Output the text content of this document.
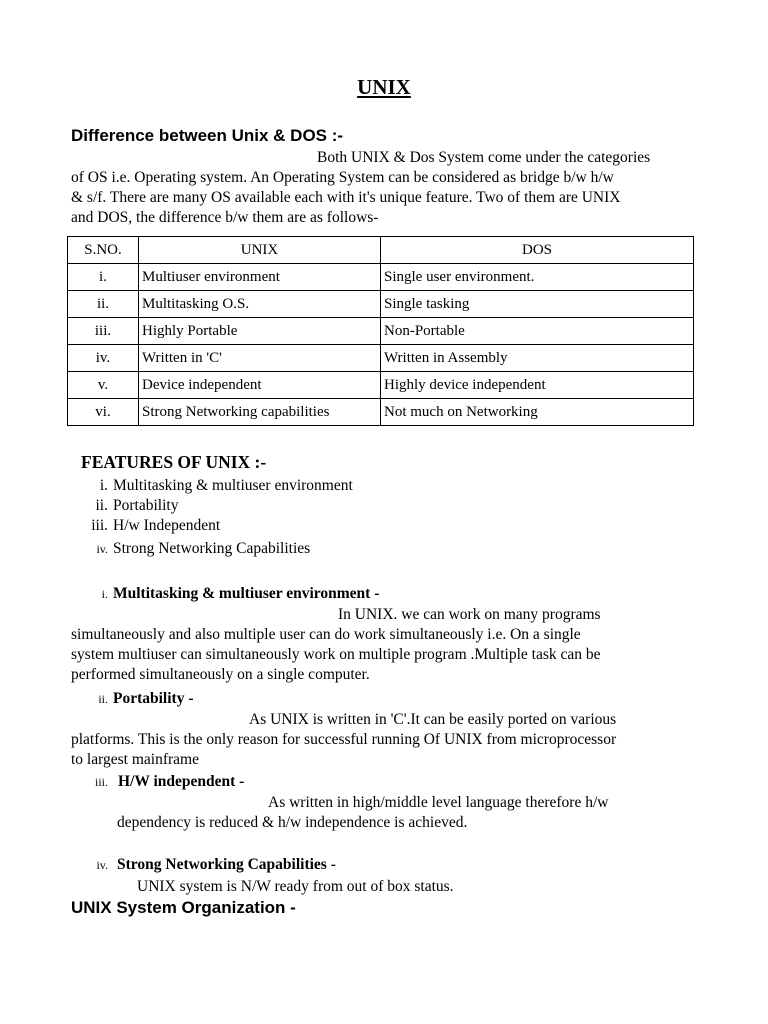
UNIX
Difference between Unix & DOS :-
Both UNIX & Dos System come under the categories
of OS i.e. Operating system. An Operating System can be considered as bridge b/w h/w
& s/f. There are many OS available each with it's unique feature. Two of them are UNIX
and DOS, the difference b/w them are as follows-
S.NO.	UNIX	DOS
i.	Multiuser environment	Single user environment.
ii.	Multitasking O.S.	Single tasking
iii.	Highly Portable	Non-Portable
iv.	Written in 'C'	Written in Assembly
v.	Device independent	Highly device independent
vi.	Strong Networking capabilities	Not much on Networking
FEATURES OF UNIX :-
i. Multitasking & multiuser environment
ii. Portability
iii. H/w Independent
iv. Strong Networking Capabilities
i. Multitasking & multiuser environment -
In UNIX. we can work on many programs
simultaneously and also multiple user can do work simultaneously i.e. On a single
system multiuser can simultaneously work on multiple program .Multiple task can be
performed simultaneously on a single computer.
ii. Portability -
As UNIX is written in 'C'.It can be easily ported on various
platforms. This is the only reason for successful running Of UNIX from microprocessor
to largest mainframe
iii. H/W independent -
As written in high/middle level language therefore h/w
dependency is reduced & h/w independence is achieved.
iv. Strong Networking Capabilities -
UNIX system is N/W ready from out of box status.
UNIX System Organization -
